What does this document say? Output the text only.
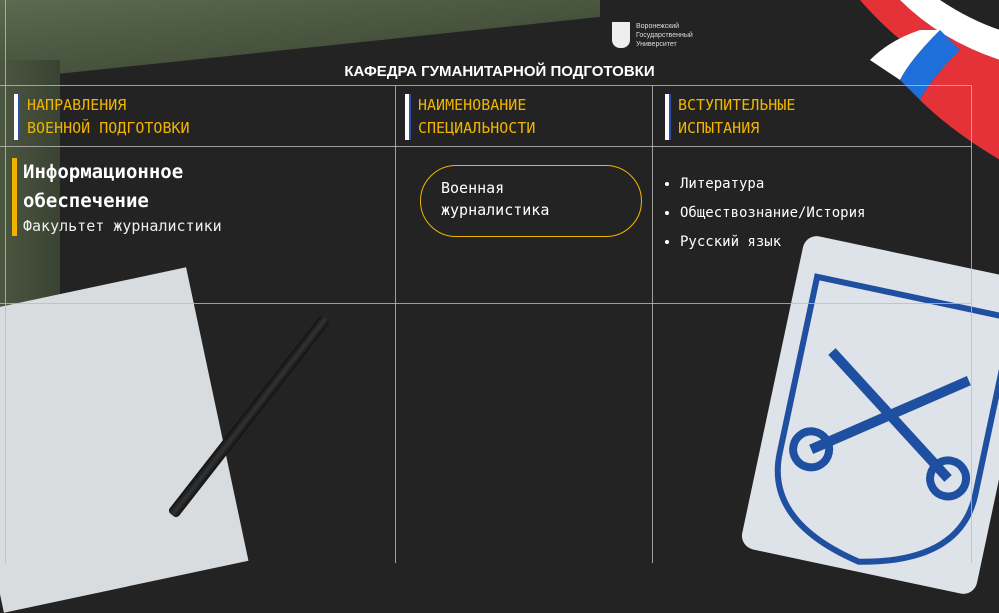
Воронежский
Государственный
Университет
КАФЕДРА ГУМАНИТАРНОЙ ПОДГОТОВКИ
НАПРАВЛЕНИЯ
ВОЕННОЙ ПОДГОТОВКИ
НАИМЕНОВАНИЕ
СПЕЦИАЛЬНОСТИ
ВСТУПИТЕЛЬНЫЕ
ИСПЫТАНИЯ
Информационное
обеспечение
Факультет журналистики
Военная
журналистика
• Литература
• Обществознание/История
• Русский язык
